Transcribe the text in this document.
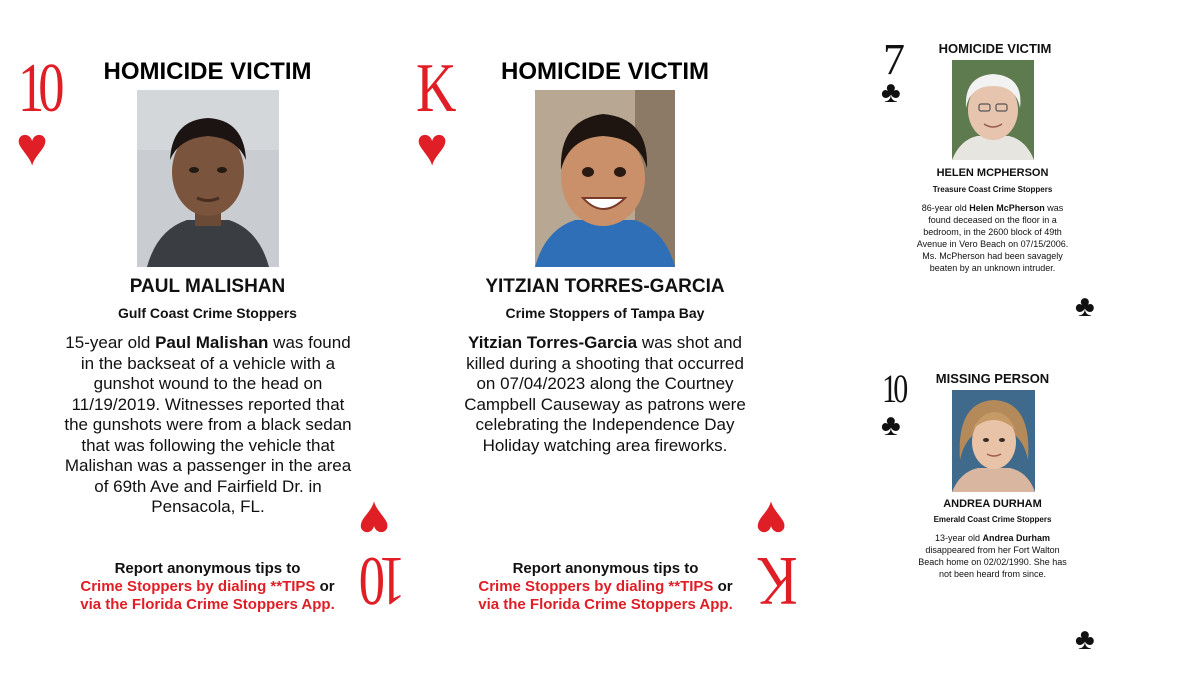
10
♥
HOMICIDE VICTIM
PAUL MALISHAN
Gulf Coast Crime Stoppers
15-year old Paul Malishan was found in the backseat of a vehicle with a gunshot wound to the head on 11/19/2019. Witnesses reported that the gunshots were from a black sedan that was following the vehicle that Malishan was a passenger in the area of 69th Ave and Fairfield Dr. in Pensacola, FL.
Report anonymous tips to
Crime Stoppers by dialing **TIPS or
via the Florida Crime Stoppers App.
♥
10
K
♥
HOMICIDE VICTIM
YITZIAN TORRES-GARCIA
Crime Stoppers of Tampa Bay
Yitzian Torres-Garcia was shot and killed during a shooting that occurred on 07/04/2023 along the Courtney Campbell Causeway as patrons were celebrating the Independence Day Holiday watching area fireworks.
Report anonymous tips to
Crime Stoppers by dialing **TIPS or
via the Florida Crime Stoppers App.
♥
K
7
♣
HOMICIDE VICTIM
HELEN MCPHERSON
Treasure Coast Crime Stoppers
86-year old Helen McPherson was found deceased on the floor in a bedroom, in the 2600 block of 49th Avenue in Vero Beach on 07/15/2006. Ms. McPherson had been savagely beaten by an unknown intruder.
♣
10
♣
MISSING PERSON
ANDREA DURHAM
Emerald Coast Crime Stoppers
13-year old Andrea Durham disappeared from her Fort Walton Beach home on 02/02/1990. She has not been heard from since.
♣
